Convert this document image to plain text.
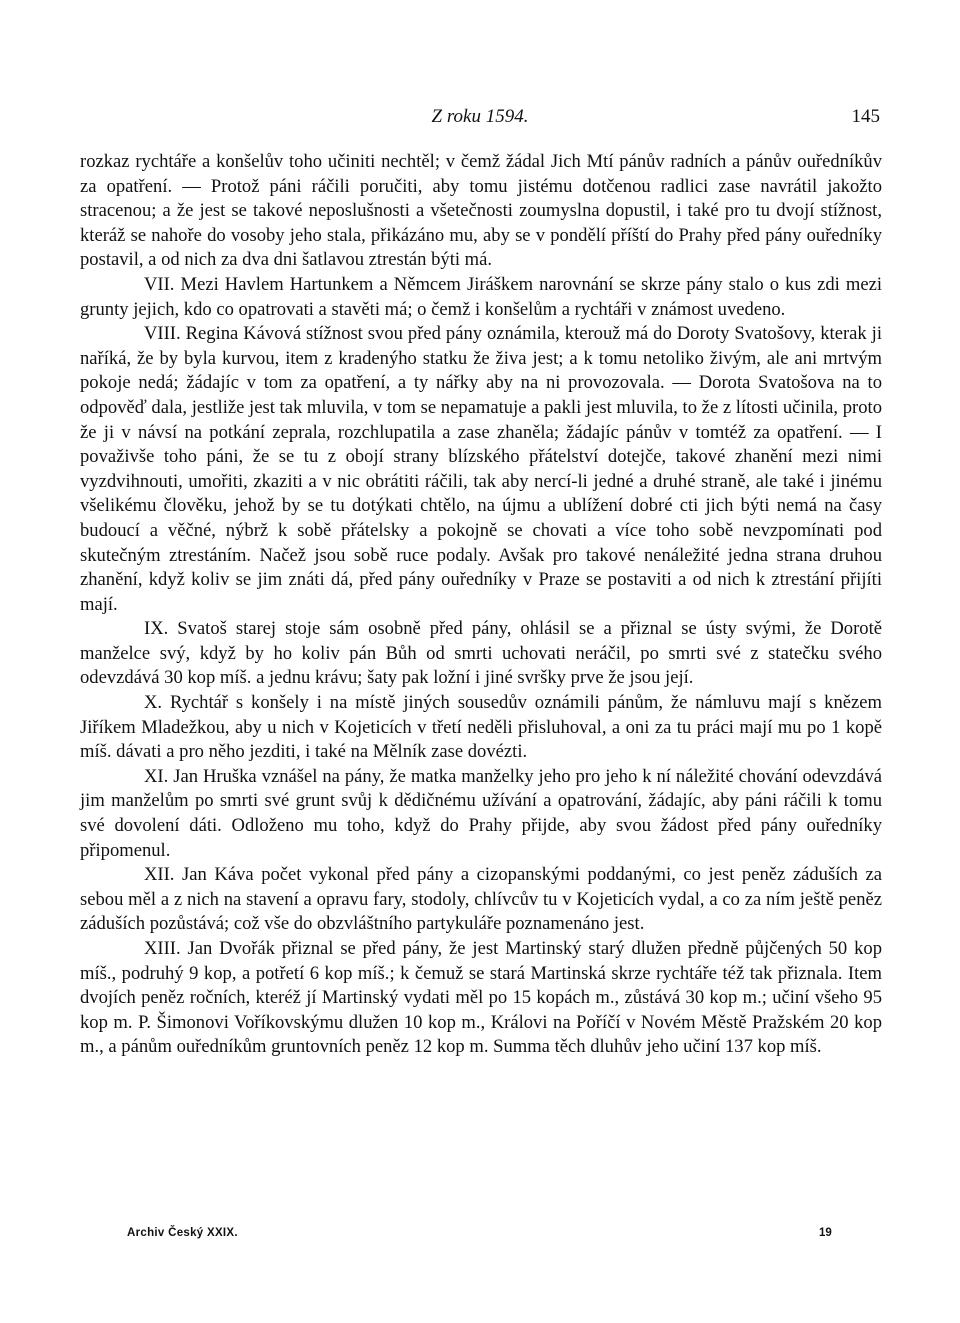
Z roku 1594.	145

rozkaz rychtáře a konšelův toho učiniti nechtěl; v čemž žádal Jich Mtí pánův radních a pánův ouředníkův za opatření. — Protož páni ráčili poručiti, aby tomu jistému dotčenou radlici zase navrátil jakožto stracenou; a že jest se takové neposlušnosti a všetečnosti zoumyslna dopustil, i také pro tu dvojí stížnost, kteráž se nahoře do vosoby jeho stala, přikázáno mu, aby se v pondělí příští do Prahy před pány ouředníky postavil, a od nich za dva dni šatlavou ztrestán býti má.

VII. Mezi Havlem Hartunkem a Němcem Jiráškem narovnání se skrze pány stalo o kus zdi mezi grunty jejich, kdo co opatrovati a stavěti má; o čemž i konšelům a rychtáři v známost uvedeno.

VIII. Regina Kávová stížnost svou před pány oznámila, kterouž má do Doroty Svatošovy, kterak ji naříká, že by byla kurvou, item z kradenýho statku že živa jest; a k tomu netoliko živým, ale ani mrtvým pokoje nedá; žádajíc v tom za opatření, a ty nářky aby na ni provozovala. — Dorota Svatošova na to odpověď dala, jestliže jest tak mluvila, v tom se nepamatuje a pakli jest mluvila, to že z lítosti učinila, proto že ji v návsí na potkání zeprala, rozchlupatila a zase zhaněla; žádajíc pánův v tomtéž za opatření. — I považivše toho páni, že se tu z obojí strany blízského přátelství dotejče, takové zhanění mezi nimi vyzdvihnouti, umořiti, zkaziti a v nic obrátiti ráčili, tak aby nercí-li jedné a druhé straně, ale také i jinému všelikému člověku, jehož by se tu dotýkati chtělo, na újmu a ublížení dobré cti jich býti nemá na časy budoucí a věčné, nýbrž k sobě přátelsky a pokojně se chovati a více toho sobě nevzpomínati pod skutečným ztrestáním. Načež jsou sobě ruce podaly. Avšak pro takové nenáležité jedna strana druhou zhanění, když koliv se jim znáti dá, před pány ouředníky v Praze se postaviti a od nich k ztrestání přijíti mají.

IX. Svatoš starej stoje sám osobně před pány, ohlásil se a přiznal se ústy svými, že Dorotě manželce svý, když by ho koliv pán Bůh od smrti uchovati neráčil, po smrti své z statečku svého odevzdává 30 kop míš. a jednu krávu; šaty pak ložní i jiné svršky prve že jsou její.

X. Rychtář s konšely i na místě jiných sousedův oznámili pánům, že námluvu mají s knězem Jiříkem Mladežkou, aby u nich v Kojeticích v třetí neděli přisluhoval, a oni za tu práci mají mu po 1 kopě míš. dávati a pro něho jezditi, i také na Mělník zase dovézti.

XI. Jan Hruška vznášel na pány, že matka manželky jeho pro jeho k ní náležité chování odevzdává jim manželům po smrti své grunt svůj k dědičnému užívání a opatrování, žádajíc, aby páni ráčili k tomu své dovolení dáti. Odloženo mu toho, když do Prahy přijde, aby svou žádost před pány ouředníky připomenul.

XII. Jan Káva počet vykonal před pány a cizopanskými poddanými, co jest peněz záduších za sebou měl a z nich na stavení a opravu fary, stodoly, chlívcův tu v Kojeticích vydal, a co za ním ještě peněz záduších pozůstává; což vše do obzvláštního partykuláře poznamenáno jest.

XIII. Jan Dvořák přiznal se před pány, že jest Martinský starý dlužen předně půjčených 50 kop míš., podruhý 9 kop, a potřetí 6 kop míš.; k čemuž se stará Martinská skrze rychtáře též tak přiznala. Item dvojích peněz ročních, kteréž jí Martinský vydati měl po 15 kopách m., zůstává 30 kop m.; učiní všeho 95 kop m. P. Šimonovi Voříkovskýmu dlužen 10 kop m., Královi na Poříčí v Novém Městě Pražském 20 kop m., a pánům ouředníkům gruntovních peněz 12 kop m. Summa těch dluhův jeho učiní 137 kop míš.

Archiv Český XXIX.	19
